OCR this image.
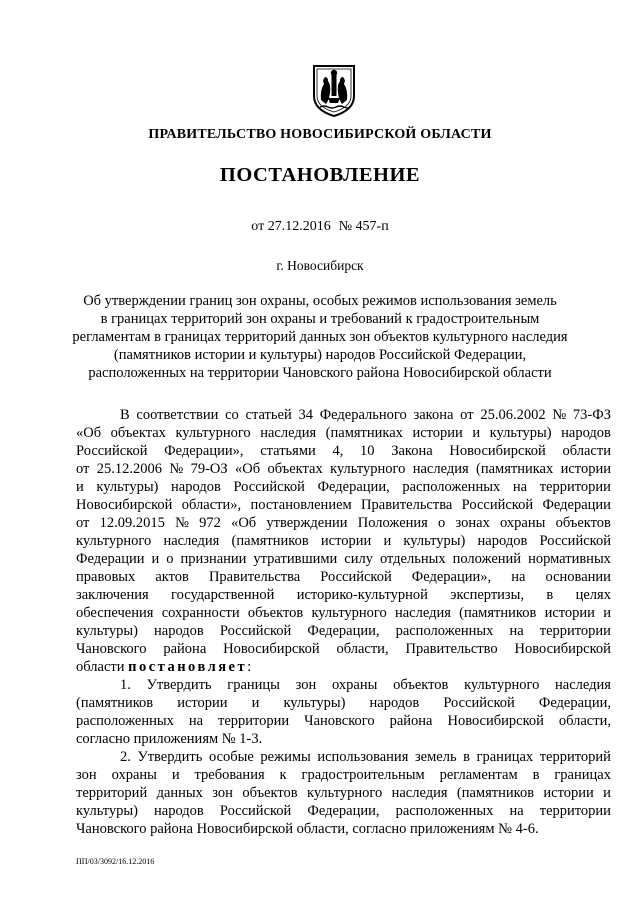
ПРАВИТЕЛЬСТВО НОВОСИБИРСКОЙ ОБЛАСТИ
ПОСТАНОВЛЕНИЕ
от 27.12.2016 № 457-п
г. Новосибирск
Об утверждении границ зон охраны, особых режимов использования земель
в границах территорий зон охраны и требований к градостроительным
регламентам в границах территорий данных зон объектов культурного наследия
(памятников истории и культуры) народов Российской Федерации,
расположенных на территории Чановского района Новосибирской области
В соответствии со статьей 34 Федерального закона от 25.06.2002 № 73-ФЗ
«Об объектах культурного наследия (памятниках истории и культуры) народов
Российской Федерации», статьями 4, 10 Закона Новосибирской области
от 25.12.2006 № 79-ОЗ «Об объектах культурного наследия (памятниках истории
и культуры) народов Российской Федерации, расположенных на территории
Новосибирской области», постановлением Правительства Российской Федерации
от 12.09.2015 № 972 «Об утверждении Положения о зонах охраны объектов
культурного наследия (памятников истории и культуры) народов Российской
Федерации и о признании утратившими силу отдельных положений нормативных
правовых актов Правительства Российской Федерации», на основании
заключения государственной историко-культурной экспертизы, в целях
обеспечения сохранности объектов культурного наследия (памятников истории и
культуры) народов Российской Федерации, расположенных на территории
Чановского района Новосибирской области, Правительство Новосибирской
области
постановляет :
1. Утвердить границы зон охраны объектов культурного наследия
(памятников истории и культуры) народов Российской Федерации,
расположенных на территории Чановского района Новосибирской области,
согласно приложениям № 1-3.
2. Утвердить особые режимы использования земель в границах территорий
зон охраны и требования к градостроительным регламентам в границах
территорий данных зон объектов культурного наследия (памятников истории и
культуры) народов Российской Федерации, расположенных на территории
Чановского района Новосибирской области, согласно приложениям № 4-6.
ПП/03/3092/16.12.2016
